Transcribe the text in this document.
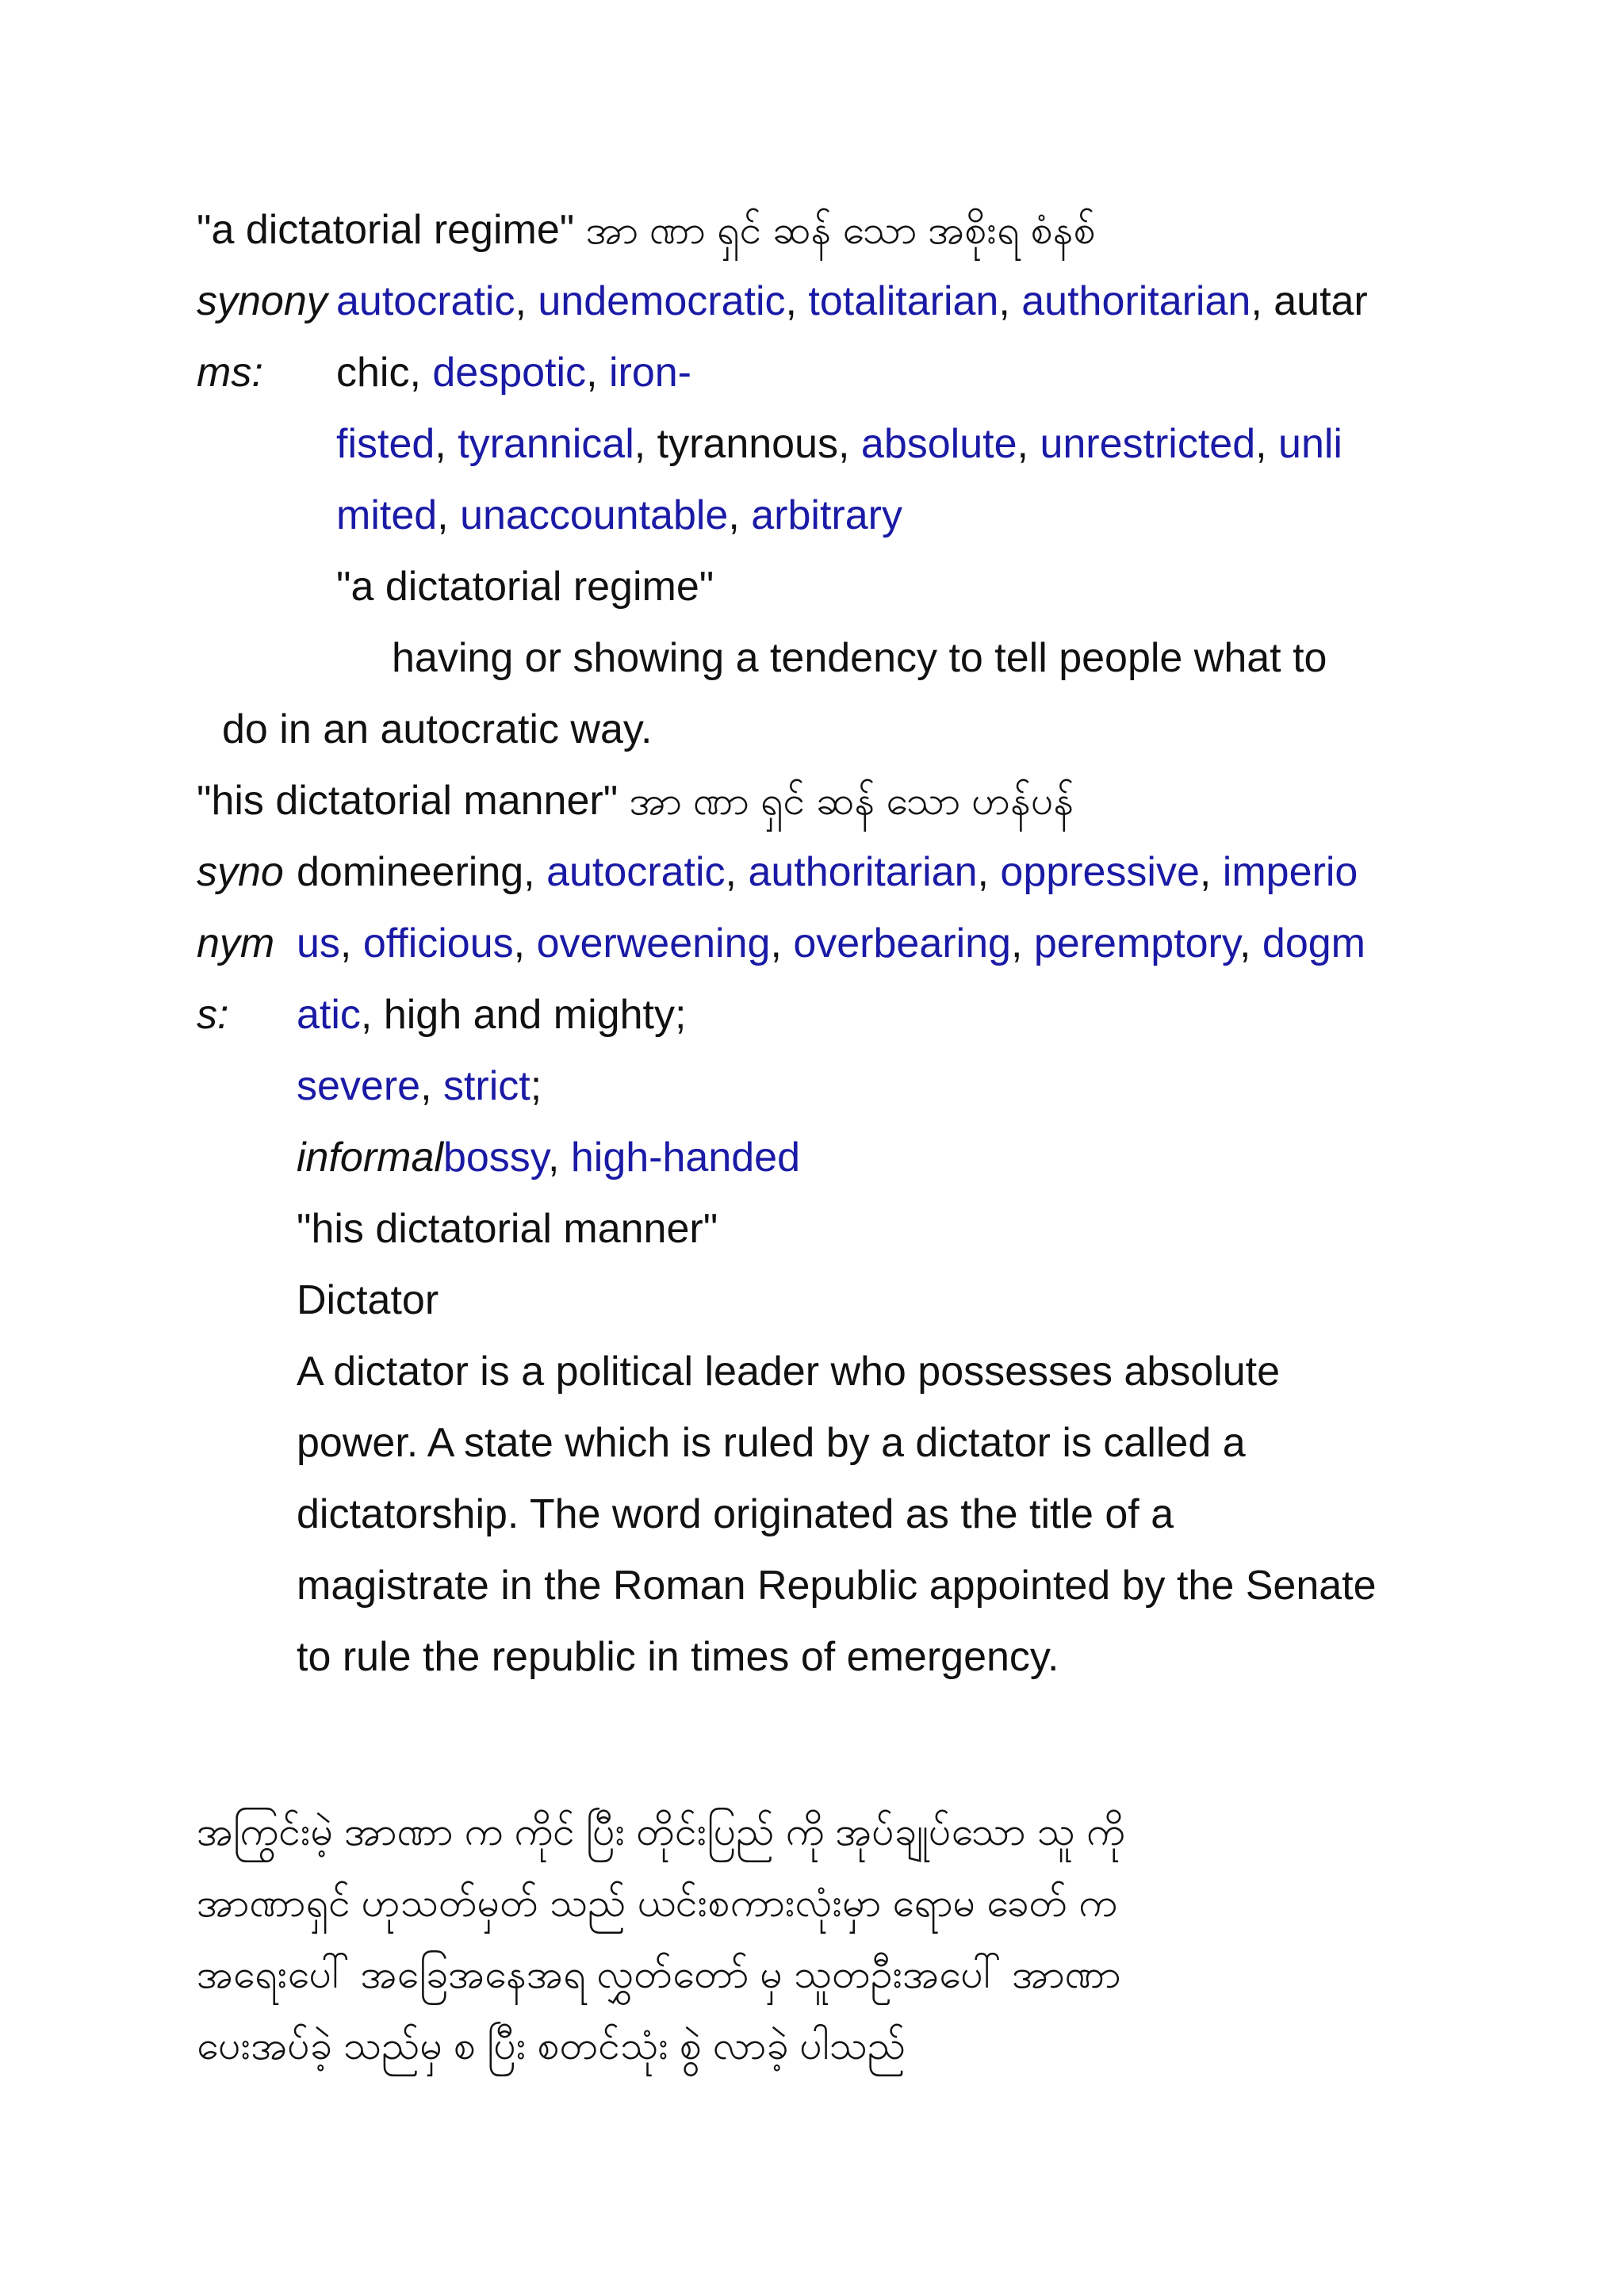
"a dictatorial regime" အာ ဏာ ရှင် ဆန် သော အစိုးရ စံနစ်
synony autocratic, undemocratic, totalitarian, authoritarian, autar
ms: chic, despotic, iron-
fisted, tyrannical, tyrannous, absolute, unrestricted, unli
mited, unaccountable, arbitrary
"a dictatorial regime"
having or showing a tendency to tell people what to
do in an autocratic way.
"his dictatorial manner" အာ ဏာ ရှင် ဆန် သော ဟန်ပန်
syno domineering, autocratic, authoritarian, oppressive, imperio
nym us, officious, overweening, overbearing, peremptory, dogm
s: atic, high and mighty;
severe, strict;
informalbossy, high-handed
"his dictatorial manner"
Dictator
A dictator is a political leader who possesses absolute
power. A state which is ruled by a dictator is called a
dictatorship. The word originated as the title of a
magistrate in the Roman Republic appointed by the Senate
to rule the republic in times of emergency.
အကြွင်းမဲ့ အာဏာ က ကိုင် ပြီး တိုင်းပြည် ကို အုပ်ချုပ်သော သူ ကို
အာဏာရှင် ဟုသတ်မှတ် သည် ယင်းစကားလုံးမှာ ရောမ ခေတ် က
အရေးပေါ် အခြေအနေအရ လွှတ်တော် မှ သူတဦးအပေါ် အာဏာ
ပေးအပ်ခဲ့ သည်မှ စ ပြီး စတင်သုံး စွဲ လာခဲ့ ပါသည်
